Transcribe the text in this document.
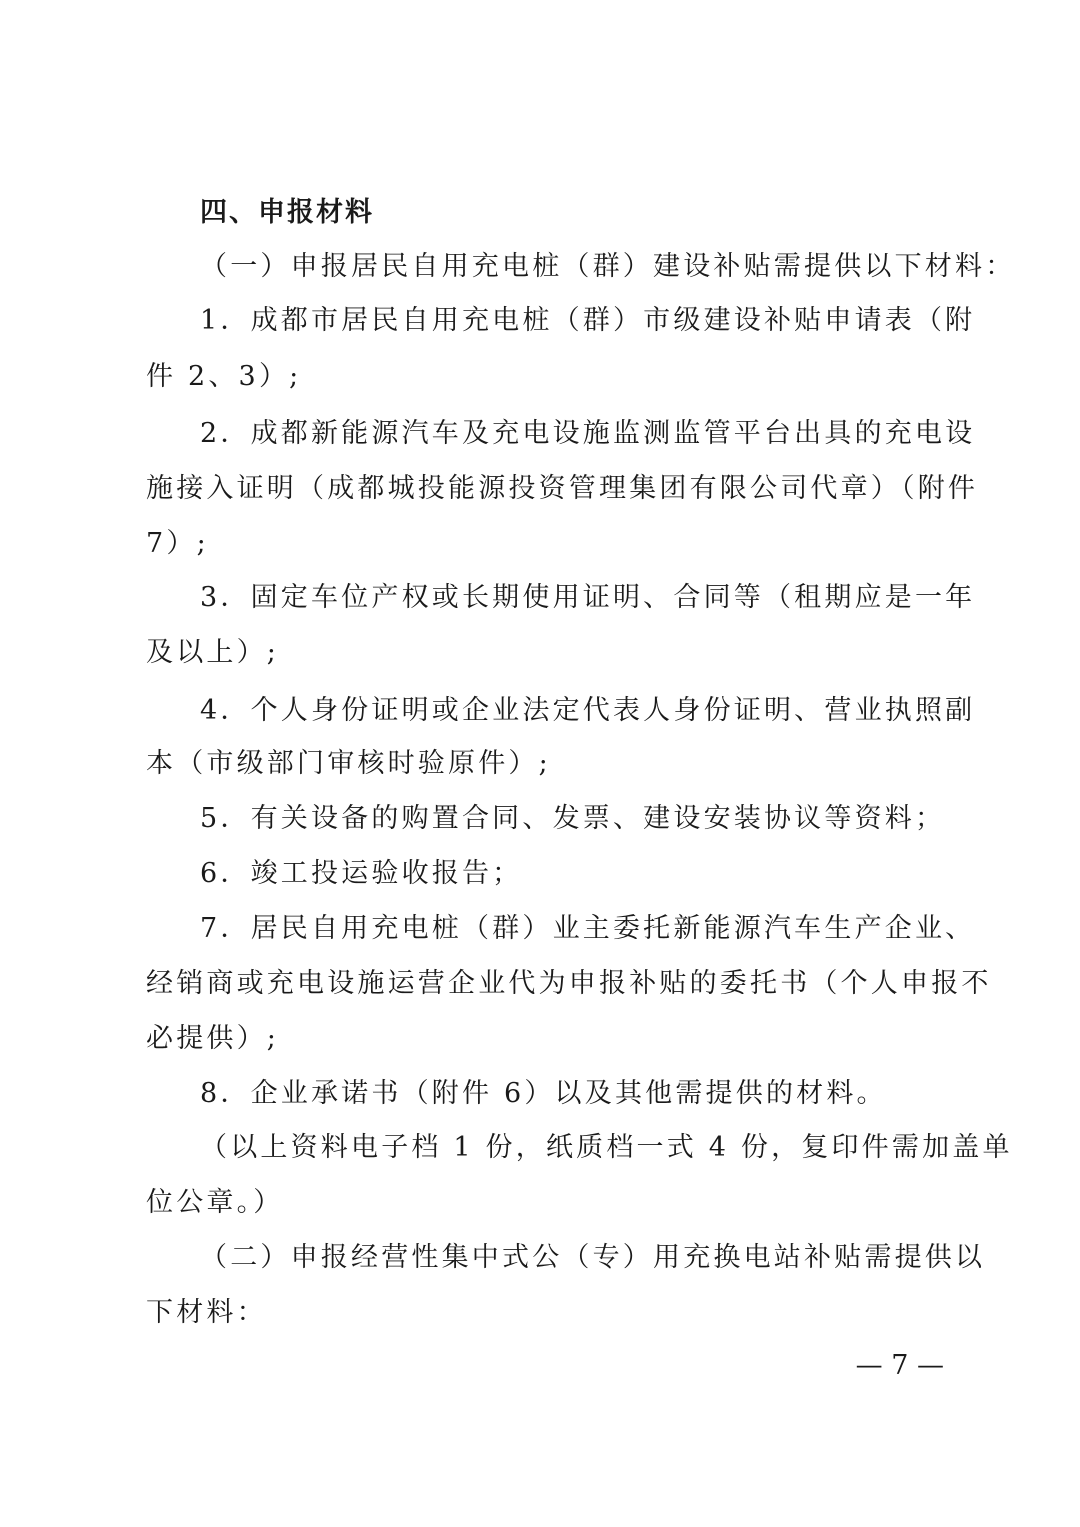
四、申报材料
（一）申报居民自用充电桩（群）建设补贴需提供以下材料：
1．成都市居民自用充电桩（群）市级建设补贴申请表（附
件 2、3）;
2．成都新能源汽车及充电设施监测监管平台出具的充电设
施接入证明（成都城投能源投资管理集团有限公司代章）（附件
7）;
3．固定车位产权或长期使用证明、合同等（租期应是一年
及以上）;
4．个人身份证明或企业法定代表人身份证明、营业执照副
本（市级部门审核时验原件）;
5．有关设备的购置合同、发票、建设安装协议等资料；
6．竣工投运验收报告；
7．居民自用充电桩（群）业主委托新能源汽车生产企业、
经销商或充电设施运营企业代为申报补贴的委托书（个人申报不
必提供）;
8．企业承诺书（附件 6）以及其他需提供的材料。
（以上资料电子档 1 份，纸质档一式 4 份，复印件需加盖单
位公章。）
（二）申报经营性集中式公（专）用充换电站补贴需提供以
下材料：
— 7 —
